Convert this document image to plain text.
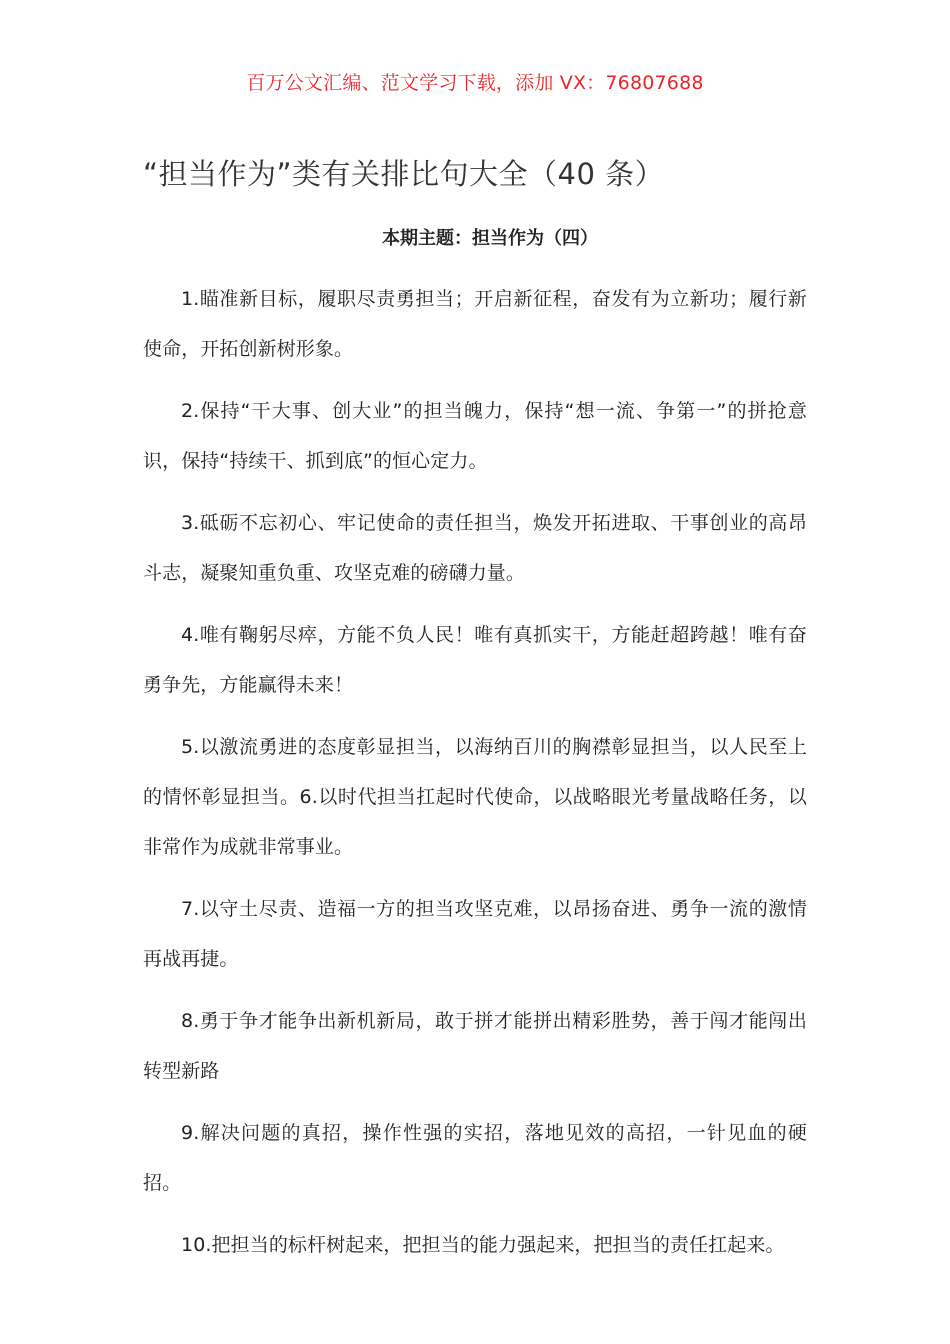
百万公文汇编、范文学习下载，添加 VX：76807688
“担当作为”类有关排比句大全（40 条）
本期主题：担当作为（四）

1.瞄准新目标，履职尽责勇担当；开启新征程，奋发有为立新功；履行新使命，开拓创新树形象。

2.保持“干大事、创大业”的担当魄力，保持“想一流、争第一”的拼抢意识，保持“持续干、抓到底”的恒心定力。

3.砥砺不忘初心、牢记使命的责任担当，焕发开拓进取、干事创业的高昂斗志，凝聚知重负重、攻坚克难的磅礴力量。

4.唯有鞠躬尽瘁，方能不负人民！唯有真抓实干，方能赶超跨越！唯有奋勇争先，方能赢得未来！

5.以激流勇进的态度彰显担当，以海纳百川的胸襟彰显担当，以人民至上的情怀彰显担当。6.以时代担当扛起时代使命，以战略眼光考量战略任务，以非常作为成就非常事业。

7.以守土尽责、造福一方的担当攻坚克难，以昂扬奋进、勇争一流的激情再战再捷。

8.勇于争才能争出新机新局，敢于拼才能拼出精彩胜势，善于闯才能闯出转型新路

9.解决问题的真招，操作性强的实招，落地见效的高招，一针见血的硬招。

10.把担当的标杆树起来，把担当的能力强起来，把担当的责任扛起来。
